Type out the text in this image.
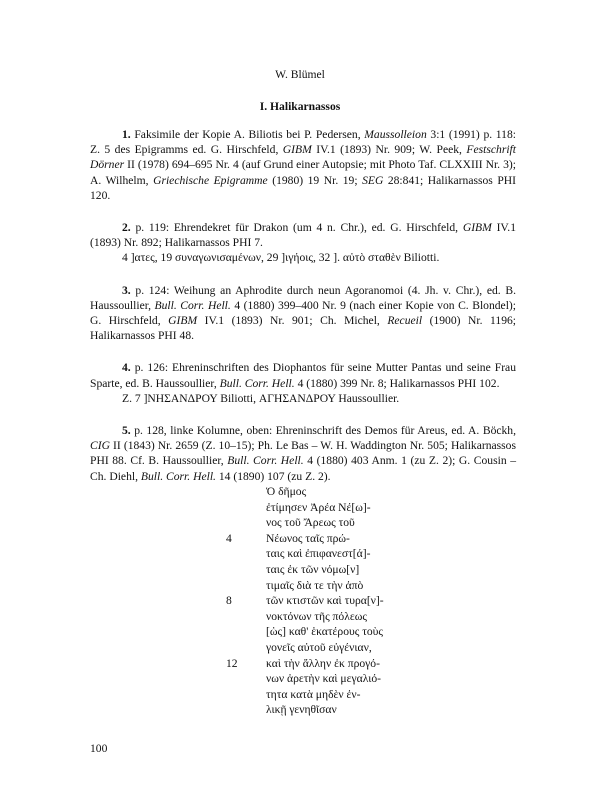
W. Blümel
I. Halikarnassos

1. Faksimile der Kopie A. Biliotis bei P. Pedersen, Maussolleion 3:1 (1991) p. 118: Z. 5 des Epigramms ed. G. Hirschfeld, GIBM IV.1 (1893) Nr. 909; W. Peek, Festschrift Dörner II (1978) 694–695 Nr. 4 (auf Grund einer Autopsie; mit Photo Taf. CLXXIII Nr. 3); A. Wilhelm, Griechische Epigramme (1980) 19 Nr. 19; SEG 28:841; Halikarnassos PHI 120.

2. p. 119: Ehrendekret für Drakon (um 4 n. Chr.), ed. G. Hirschfeld, GIBM IV.1 (1893) Nr. 892; Halikarnassos PHI 7.

4 ]ατες, 19 συναγωνισαμένων, 29 ]ιγήοις, 32 ]. αὐτὸ σταθὲν Biliotti.

3. p. 124: Weihung an Aphrodite durch neun Agoranomoi (4. Jh. v. Chr.), ed. B. Haussoullier, Bull. Corr. Hell. 4 (1880) 399–400 Nr. 9 (nach einer Kopie von C. Blondel); G. Hirschfeld, GIBM IV.1 (1893) Nr. 901; Ch. Michel, Recueil (1900) Nr. 1196; Halikarnassos PHI 48.

4. p. 126: Ehreninschriften des Diophantos für seine Mutter Pantas und seine Frau Sparte, ed. B. Haussoullier, Bull. Corr. Hell. 4 (1880) 399 Nr. 8; Halikarnassos PHI 102.

Z. 7 ]ΝΗΣΑΝΔΡΟΥ Biliotti, ΑΓΗΣΑΝΔΡΟΥ Haussoullier.

5. p. 128, linke Kolumne, oben: Ehreninschrift des Demos für Areus, ed. A. Böckh, CIG II (1843) Nr. 2659 (Z. 10–15); Ph. Le Bas – W. H. Waddington Nr. 505; Halikarnassos PHI 88. Cf. B. Haussoullier, Bull. Corr. Hell. 4 (1880) 403 Anm. 1 (zu Z. 2); G. Cousin – Ch. Diehl, Bull. Corr. Hell. 14 (1890) 107 (zu Z. 2).

Ὁ δῆμος
ἐτίμησεν Ἀρέα Νέ[ω]-
νος τοῦ Ἄρεως τοῦ
4	Νέωνος ταῖς πρώ-
ταις καὶ ἐπιφανεστ[ά]-
ταις ἐκ τῶν νόμω[ν]
τιμαῖς διὰ τε τὴν ἀπὸ
8	τῶν κτιστῶν καὶ τυρα[ν]-
νοκτόνων τῆς πόλεως
[ὡς] καθ' ἑκατέρους τοὺς
γονεῖς αὐτοῦ εὐγένιαν,
12	καὶ τὴν ἄλλην ἐκ προγό-
νων ἀρετὴν καὶ μεγαλιό-
τητα κατὰ μηδὲν ἐν-
λικῇ γενηθῖσαν
100
